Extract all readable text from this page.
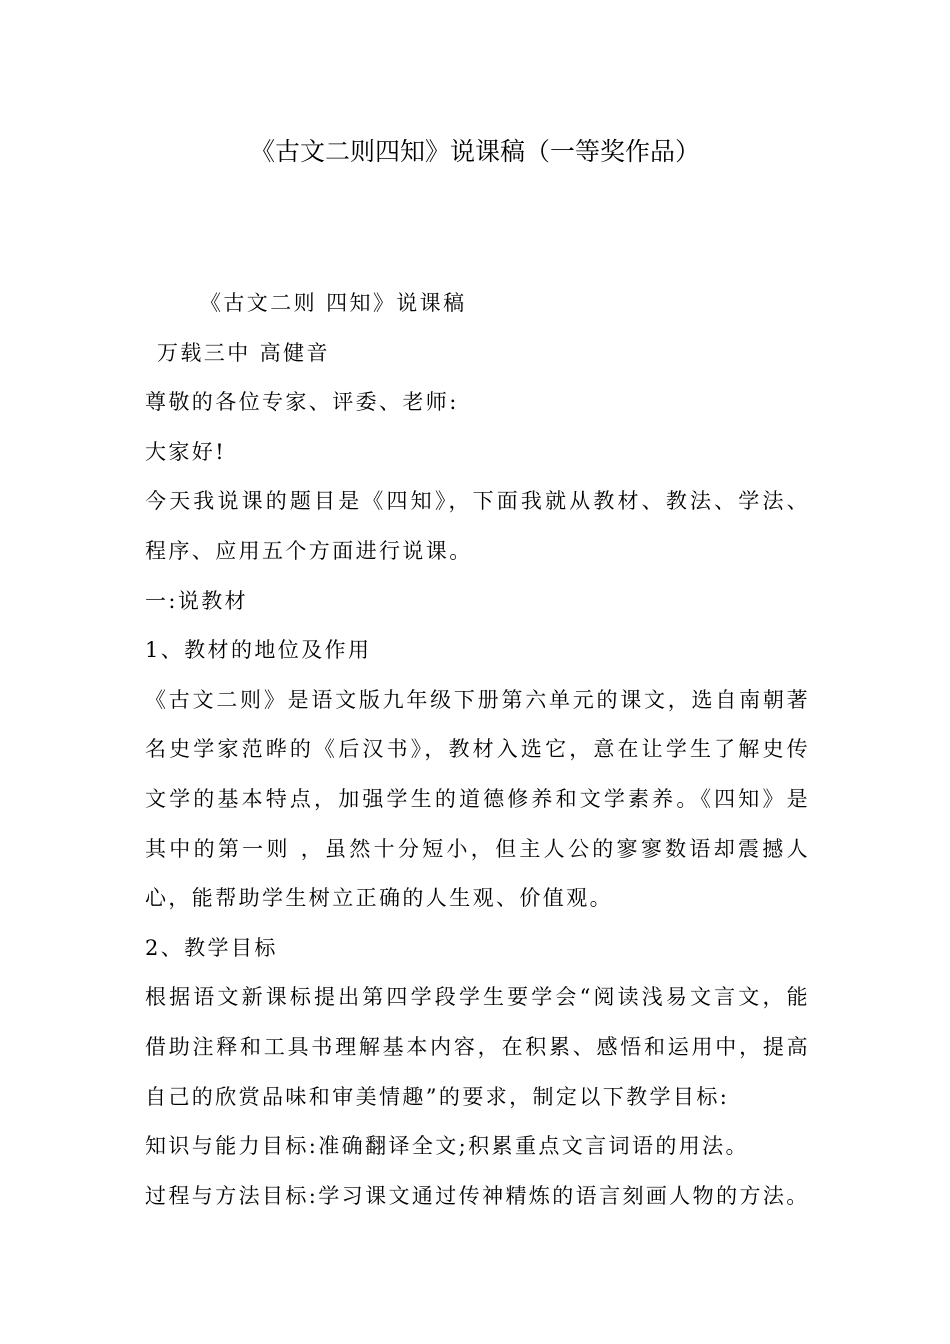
《古文二则四知》说课稿（一等奖作品）

《古文二则 四知》说课稿

万载三中 高健音

尊敬的各位专家、评委、老师:

大家好!

今天我说课的题目是《四知》，下面我就从教材、教法、学法、程序、应用五个方面进行说课。

一:说教材

1、教材的地位及作用

《古文二则》是语文版九年级下册第六单元的课文，选自南朝著名史学家范晔的《后汉书》，教材入选它，意在让学生了解史传文学的基本特点，加强学生的道德修养和文学素养。《四知》是其中的第一则 ，虽然十分短小，但主人公的寥寥数语却震撼人心，能帮助学生树立正确的人生观、价值观。

2、教学目标

根据语文新课标提出第四学段学生要学会“阅读浅易文言文，能借助注释和工具书理解基本内容，在积累、感悟和运用中，提高自己的欣赏品味和审美情趣”的要求，制定以下教学目标:

知识与能力目标:准确翻译全文;积累重点文言词语的用法。

过程与方法目标:学习课文通过传神精炼的语言刻画人物的方法。
